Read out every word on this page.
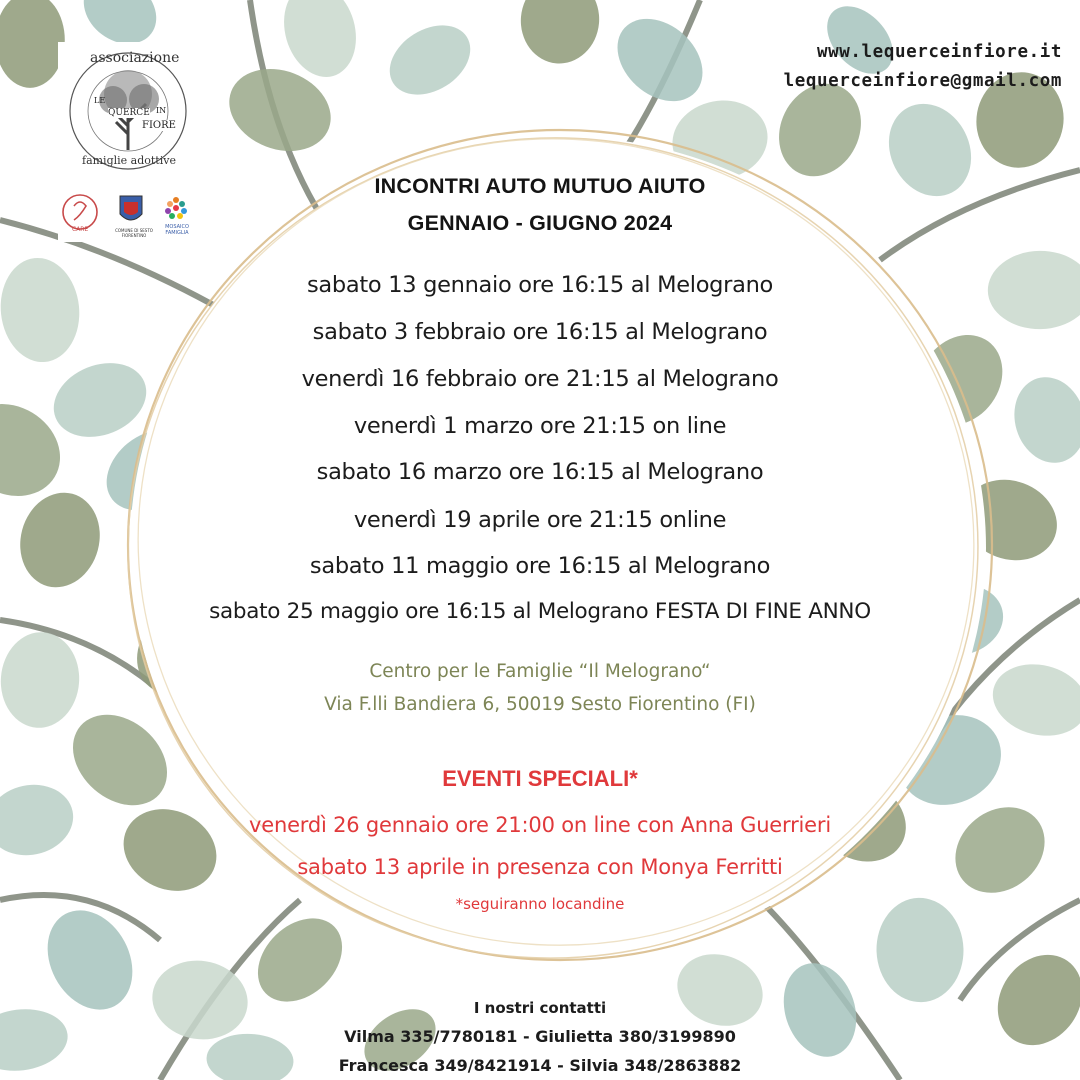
associazione
LE
QUERCE IN
FIORE
famiglie adottive
CARE	COMUNE DI SESTO FIORENTINO
MOSAICO FAMIGLIA
www.lequerceinfiore.it
lequerceinfiore@gmail.com
INCONTRI AUTO MUTUO AIUTO
GENNAIO - GIUGNO 2024
sabato 13 gennaio ore 16:15 al Melograno
sabato 3 febbraio ore 16:15 al Melograno
venerdì 16 febbraio ore 21:15 al Melograno
venerdì 1 marzo ore 21:15 on line
sabato 16 marzo ore 16:15 al Melograno
venerdì 19 aprile ore 21:15 online
sabato 11 maggio ore 16:15 al Melograno
sabato 25 maggio ore 16:15 al Melograno FESTA DI FINE ANNO
Centro per le Famiglie “Il Melograno“
Via F.lli Bandiera 6, 50019 Sesto Fiorentino (FI)
EVENTI SPECIALI*
venerdì 26 gennaio ore 21:00 on line con Anna Guerrieri
sabato 13 aprile in presenza con Monya Ferritti
*seguiranno locandine
I nostri contatti
Vilma 335/7780181 - Giulietta 380/3199890
Francesca 349/8421914 - Silvia 348/2863882
